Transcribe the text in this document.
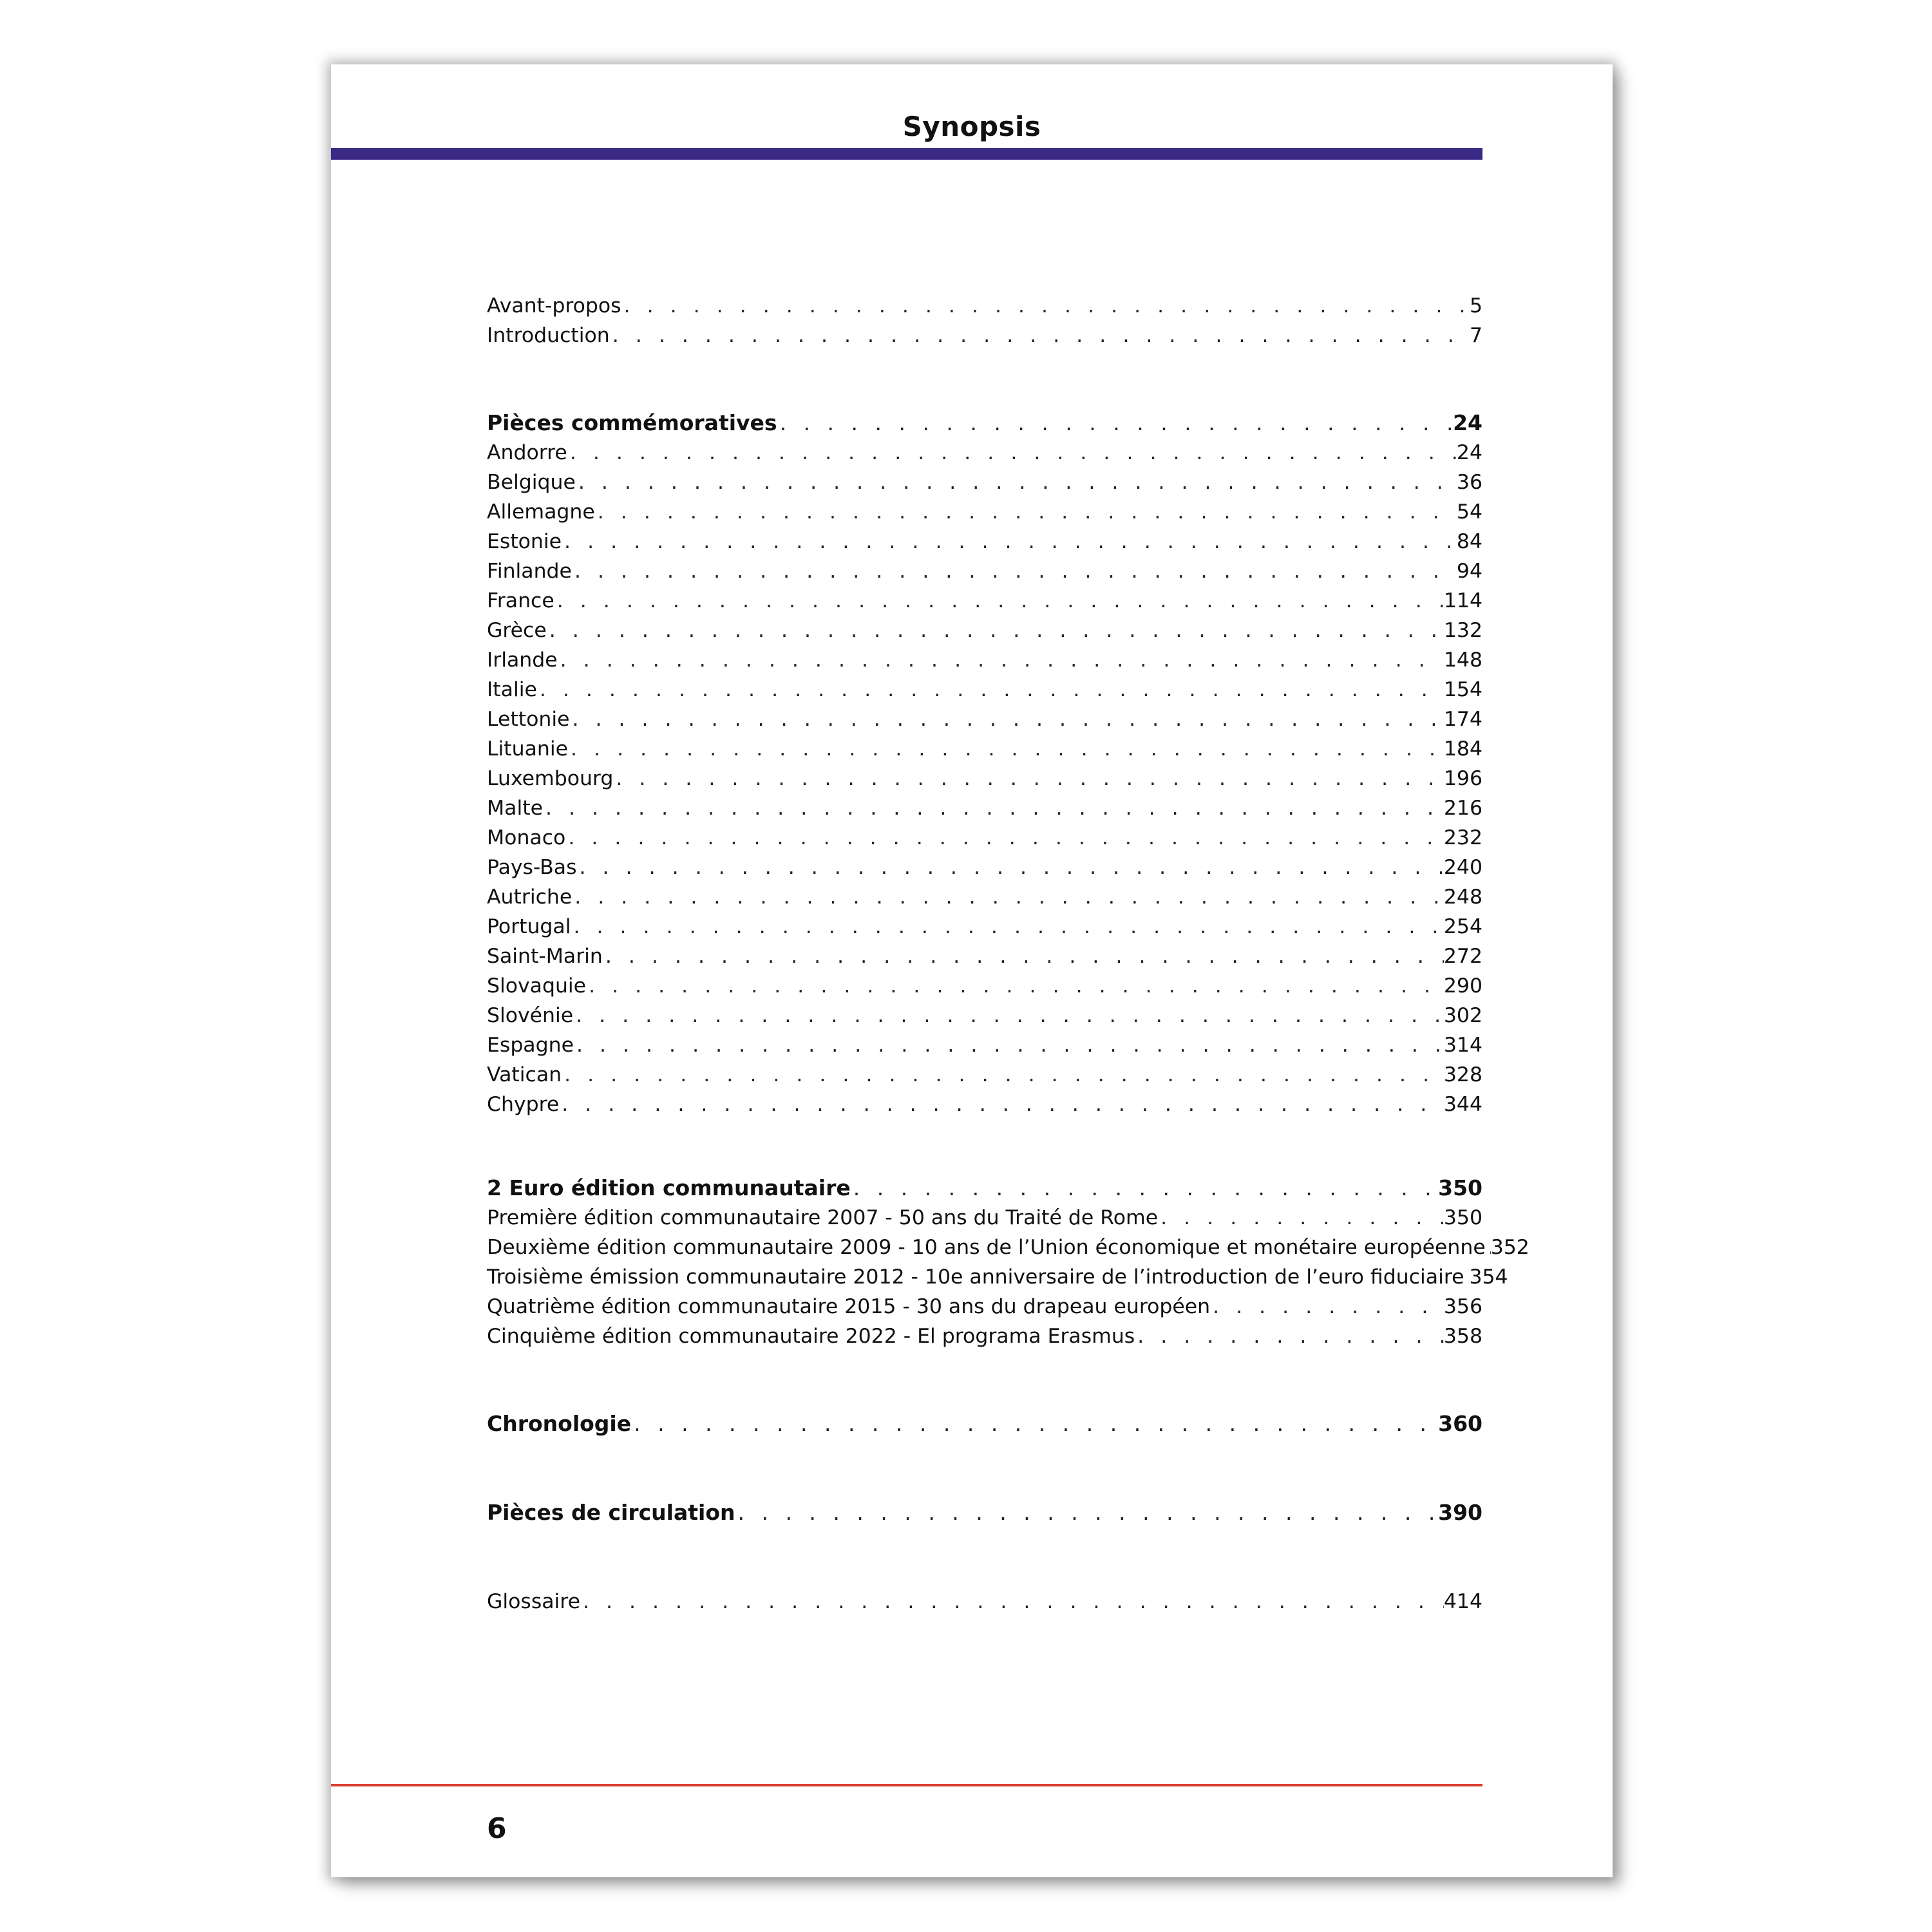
Synopsis
Avant-propos . . .	5
Introduction . . .	7
Pièces commémoratives . . .	24
Andorre . . .	24
Belgique . . .	36
Allemagne . . .	54
Estonie . . .	84
Finlande . . .	94
France . . .	114
Grèce . . .	132
Irlande . . .	148
Italie . . .	154
Lettonie . . .	174
Lituanie . . .	184
Luxembourg . . .	196
Malte . . .	216
Monaco . . .	232
Pays-Bas . . .	240
Autriche . . .	248
Portugal . . .	254
Saint-Marin . . .	272
Slovaquie . . .	290
Slovénie . . .	302
Espagne . . .	314
Vatican . . .	328
Chypre . . .	344
2 Euro édition communautaire . . .	350
Première édition communautaire 2007 - 50 ans du Traité de Rome . . .	350
Deuxième édition communautaire 2009 - 10 ans de l’Union économique et monétaire européenne . . . 352
Troisième émission communautaire 2012 - 10e anniversaire de l’introduction de l’euro fiduciaire . . . 354
Quatrième édition communautaire 2015 - 30 ans du drapeau européen . . .	356
Cinquième édition communautaire 2022 - El programa Erasmus . . .	358
Chronologie . . .	360
Pièces de circulation . . .	390
Glossaire . . .	414
6
